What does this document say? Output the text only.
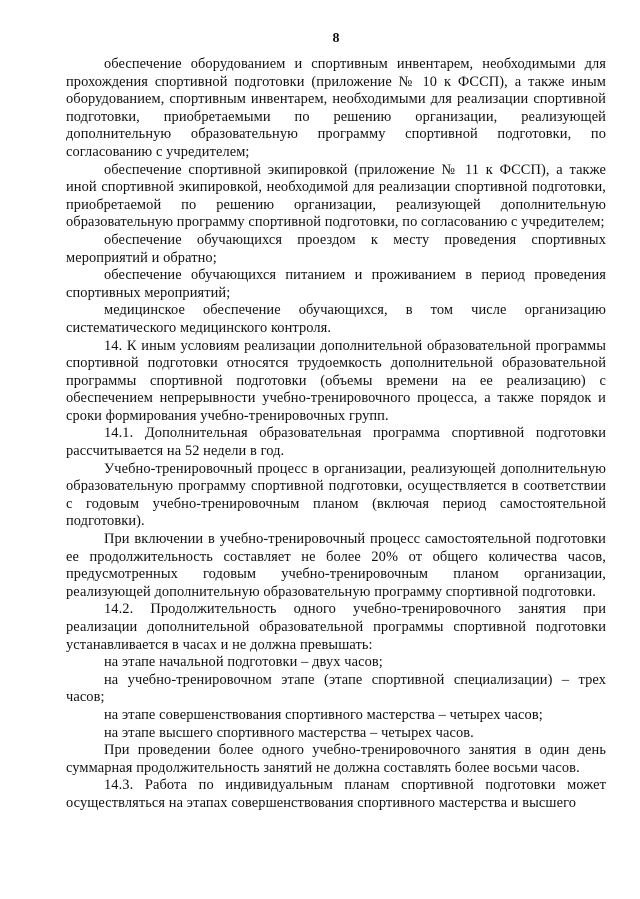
8

обеспечение оборудованием и спортивным инвентарем, необходимыми для прохождения спортивной подготовки (приложение № 10 к ФССП), а также иным оборудованием, спортивным инвентарем, необходимыми для реализации спортивной подготовки, приобретаемыми по решению организации, реализующей дополнительную образовательную программу спортивной подготовки, по согласованию с учредителем;

обеспечение спортивной экипировкой (приложение № 11 к ФССП), а также иной спортивной экипировкой, необходимой для реализации спортивной подготовки, приобретаемой по решению организации, реализующей дополнительную образовательную программу спортивной подготовки, по согласованию с учредителем;

обеспечение обучающихся проездом к месту проведения спортивных мероприятий и обратно;

обеспечение обучающихся питанием и проживанием в период проведения спортивных мероприятий;

медицинское обеспечение обучающихся, в том числе организацию систематического медицинского контроля.

14. К иным условиям реализации дополнительной образовательной программы спортивной подготовки относятся трудоемкость дополнительной образовательной программы спортивной подготовки (объемы времени на ее реализацию) с обеспечением непрерывности учебно-тренировочного процесса, а также порядок и сроки формирования учебно-тренировочных групп.

14.1. Дополнительная образовательная программа спортивной подготовки рассчитывается на 52 недели в год.

Учебно-тренировочный процесс в организации, реализующей дополнительную образовательную программу спортивной подготовки, осуществляется в соответствии с годовым учебно-тренировочным планом (включая период самостоятельной подготовки).

При включении в учебно-тренировочный процесс самостоятельной подготовки ее продолжительность составляет не более 20% от общего количества часов, предусмотренных годовым учебно-тренировочным планом организации, реализующей дополнительную образовательную программу спортивной подготовки.

14.2. Продолжительность одного учебно-тренировочного занятия при реализации дополнительной образовательной программы спортивной подготовки устанавливается в часах и не должна превышать:

на этапе начальной подготовки – двух часов;

на учебно-тренировочном этапе (этапе спортивной специализации) – трех часов;

на этапе совершенствования спортивного мастерства – четырех часов;

на этапе высшего спортивного мастерства – четырех часов.

При проведении более одного учебно-тренировочного занятия в один день суммарная продолжительность занятий не должна составлять более восьми часов.

14.3. Работа по индивидуальным планам спортивной подготовки может осуществляться на этапах совершенствования спортивного мастерства и высшего
